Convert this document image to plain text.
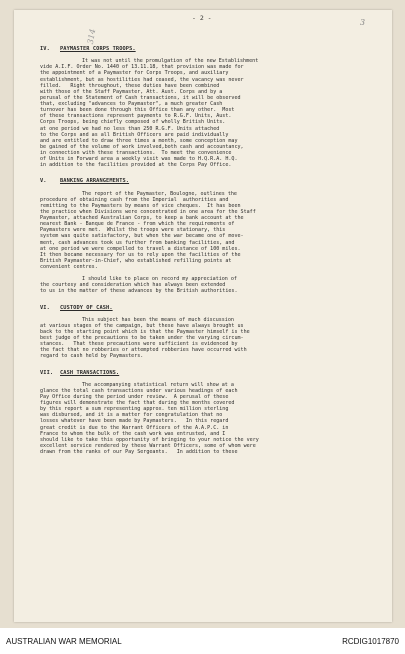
- 2 -	3
314
IV.	PAYMASTER CORPS TROOPS.
It was not until the promulgation of the new Establishment
vide A.I.F. Order No. 1440 of 13.11.18, that provision was made for
the appointment of a Paymaster for Corps Troops, and auxiliary
establishment, but as hostilities had ceased, the vacancy was never
filled.   Right throughout, these duties have been combined
with those of the Staff Paymaster, Att. Aust. Corps and by a
perusal of the Statement of Cash transactions, it will be observed
that, excluding "advances to Paymaster", a much greater Cash
turnover has been done through this Office than any other.  Most
of these transactions represent payments to R.G.F. Units, Aust.
Corps Troops, being chiefly composed of wholly British Units.
at one period we had no less than 250 R.G.F. Units attached
to the Corps and as all British Officers are paid individually
and are entitled to draw three times a month, some conception may
be gained of the volume of work involved,both cash and accountancy,
in connection with these transactions.  To meet the convenience
of Units in Forward area a weekly visit was made to H.Q.R.A. H.Q.
in addition to the facilities provided at the Corps Pay Office.
V.	BANKING ARRANGEMENTS.
The report of the Paymaster, Boulogne, outlines the
procedure of obtaining cash from the Imperial  authorities and
remitting to the Paymasters by means of vice cheques.  It has been
the practice when Divisions were concentrated in one area for the Staff
Paymaster, attached Australian Corps, to keep a bank account at the
nearest Bank - Banque de France - from which the requirements of
Paymasters were met.  Whilst the troops were stationary, this
system was quite satisfactory, but when the war became one of move-
ment, cash advances took us further from banking facilities, and
at one period we were compelled to travel a distance of 100 miles.
It then became necessary for us to rely upon the facilities of the
British Paymaster-in-Chief, who established refilling points at
convenient centres.
I should like to place on record my appreciation of
the courtesy and consideration which has always been extended
to us in the matter of these advances by the British authorities.
VI.	CUSTODY OF CASH.
This subject has been the means of much discussion
at various stages of the campaign, but these have always brought us
back to the starting point which is that the Paymaster himself is the
best judge of the precautions to be taken under the varying circum-
stances.   That these precautions were sufficient is evidenced by
the fact that no robberies or attempted robberies have occurred with
regard to cash held by Paymasters.
VII. CASH TRANSACTIONS.
The accompanying statistical return will show at a
glance the total cash transactions under various headings of each
Pay Office during the period under review.  A perusal of these
figures will demonstrate the fact that during the months covered
by this report a sum representing approx. ten million sterling
was disbursed, and it is a matter for congratulation that no
losses whatever have been made by Paymasters.   In this regard
great credit is due to the Warrant Officers of the A.A.P.C. in
France to whom the bulk of the cash work was entrusted, and I
should like to take this opportunity of bringing to your notice the very
excellent service rendered by these Warrant Officers, some of whom were
drawn from the ranks of our Pay Sergeants.   In addition to these
AUSTRALIAN WAR MEMORIAL	RCDIG1017870
